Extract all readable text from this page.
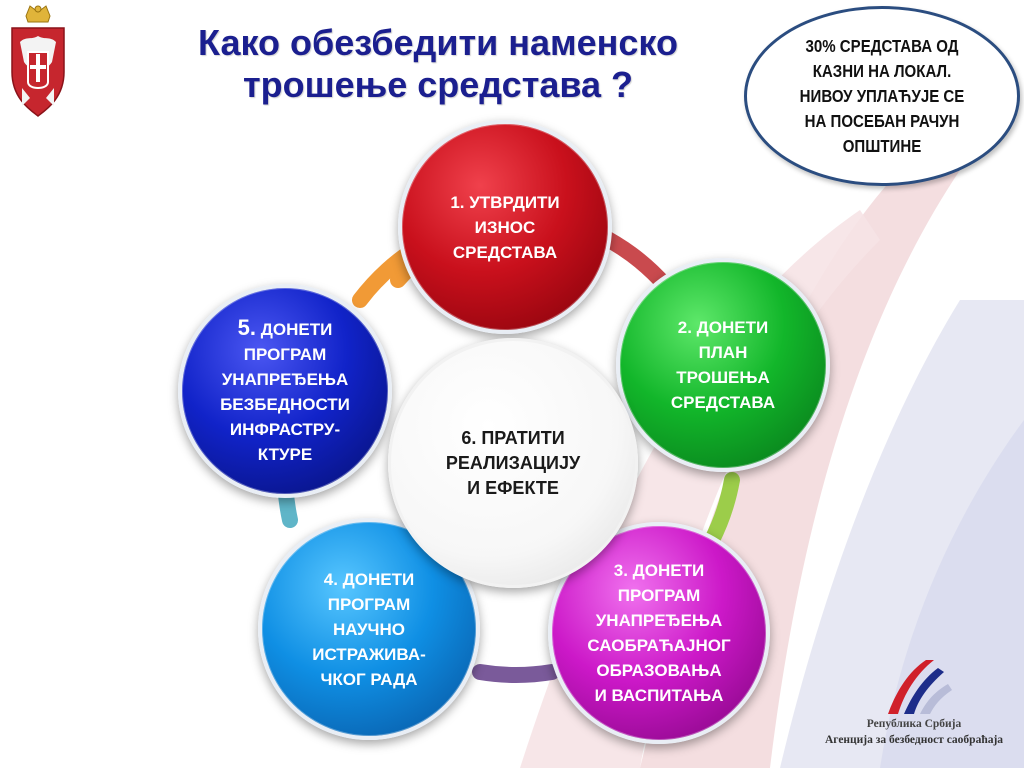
Како обезбедити наменско трошење средстава ?
30% СРЕДСТАВА ОД КАЗНИ НА ЛОКАЛ. НИВОУ УПЛАЋУЈЕ СЕ НА ПОСЕБАН РАЧУН ОПШТИНЕ
1. УТВРДИТИ
ИЗНОС
СРЕДСТАВА
2. ДОНЕТИ
ПЛАН
ТРОШЕЊА
СРЕДСТАВА
3. ДОНЕТИ
ПРОГРАМ
УНАПРЕЂЕЊА
САОБРАЋАЈНОГ
ОБРАЗОВАЊА
И ВАСПИТАЊА
4. ДОНЕТИ
ПРОГРАМ
НАУЧНО
ИСТРАЖИВА-
ЧКОГ РАДА
5. ДОНЕТИ
ПРОГРАМ
УНАПРЕЂЕЊА
БЕЗБЕДНОСТИ
ИНФРАСТРУ-
КТУРЕ
6. ПРАТИТИ
РЕАЛИЗАЦИЈУ
И ЕФЕКТЕ
Република Србија
Агенција за безбедност саобраћаја
